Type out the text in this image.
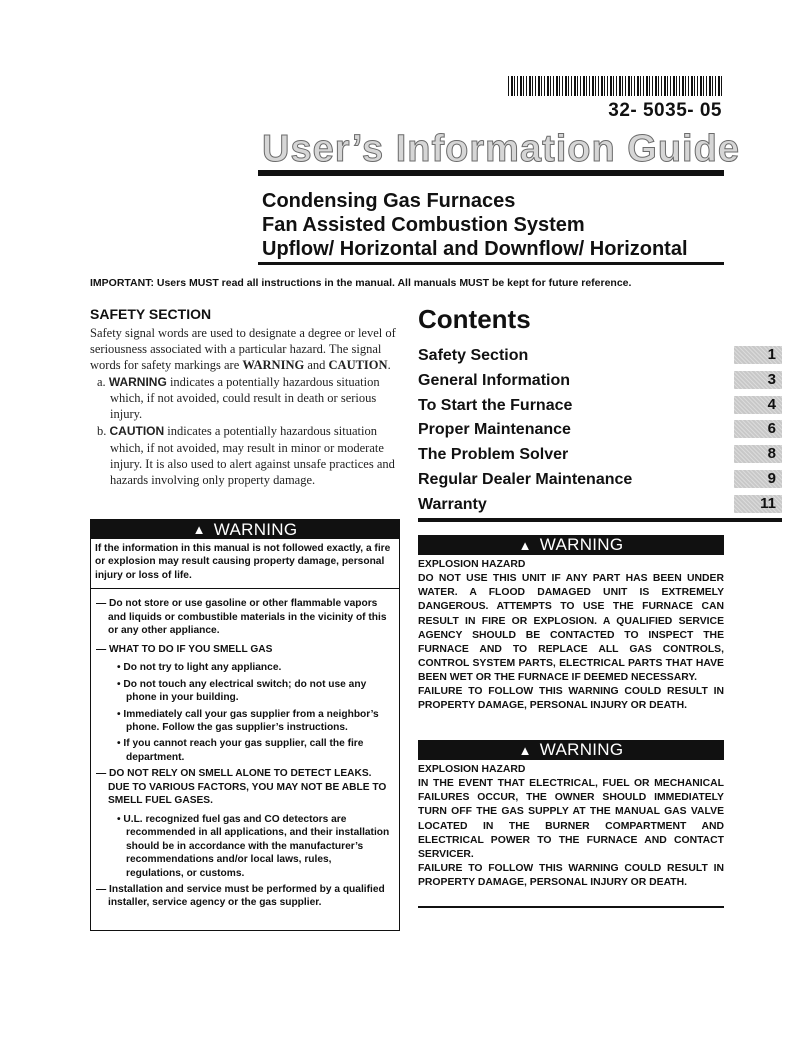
32- 5035- 05
User’s Information Guide
Condensing Gas Furnaces
Fan Assisted Combustion System
Upflow/ Horizontal and Downflow/ Horizontal
IMPORTANT: Users MUST read all instructions in the manual. All manuals MUST be kept for future reference.
SAFETY SECTION

Safety signal words are used to designate a degree or level of seriousness associated with a particular hazard. The signal words for safety markings are WARNING and CAUTION.

a. WARNING indicates a potentially hazardous situation which, if not avoided, could result in death or serious injury.

b. CAUTION indicates a potentially hazardous situation which, if not avoided, may result in minor or moderate injury. It is also used to alert against unsafe practices and hazards involving only property damage.

▲ WARNING
If the information in this manual is not followed exactly, a fire or explosion may result causing property damage, personal injury or loss of life.
— Do not store or use gasoline or other flammable vapors and liquids or combustible materials in the vicinity of this or any other appliance.
— WHAT TO DO IF YOU SMELL GAS
• Do not try to light any appliance.
• Do not touch any electrical switch; do not use any phone in your building.
• Immediately call your gas supplier from a neighbor’s phone. Follow the gas supplier’s instructions.
• If you cannot reach your gas supplier, call the fire department.
— DO NOT RELY ON SMELL ALONE TO DETECT LEAKS. DUE TO VARIOUS FACTORS, YOU MAY NOT BE ABLE TO SMELL FUEL GASES.
• U.L. recognized fuel gas and CO detectors are recommended in all applications, and their installation should be in accordance with the manufacturer’s recommendations and/or local laws, rules, regulations, or customs.
— Installation and service must be performed by a qualified installer, service agency or the gas supplier.
Contents
Safety Section	1
General Information	3
To Start the Furnace	4
Proper Maintenance	6
The Problem Solver	8
Regular Dealer Maintenance	9
Warranty	11
▲ WARNING

EXPLOSION HAZARD

DO NOT USE THIS UNIT IF ANY PART HAS BEEN UNDER WATER. A FLOOD DAMAGED UNIT IS EXTREMELY DANGEROUS. ATTEMPTS TO USE THE FURNACE CAN RESULT IN FIRE OR EXPLOSION. A QUALIFIED SERVICE AGENCY SHOULD BE CONTACTED TO INSPECT THE FURNACE AND TO REPLACE ALL GAS CONTROLS, CONTROL SYSTEM PARTS, ELECTRICAL PARTS THAT HAVE BEEN WET OR THE FURNACE IF DEEMED NECESSARY.

FAILURE TO FOLLOW THIS WARNING COULD RESULT IN PROPERTY DAMAGE, PERSONAL INJURY OR DEATH.

▲ WARNING

EXPLOSION HAZARD

IN THE EVENT THAT ELECTRICAL, FUEL OR MECHANICAL FAILURES OCCUR, THE OWNER SHOULD IMMEDIATELY TURN OFF THE GAS SUPPLY AT THE MANUAL GAS VALVE LOCATED IN THE BURNER COMPARTMENT AND ELECTRICAL POWER TO THE FURNACE AND CONTACT SERVICER.

FAILURE TO FOLLOW THIS WARNING COULD RESULT IN PROPERTY DAMAGE, PERSONAL INJURY OR DEATH.
